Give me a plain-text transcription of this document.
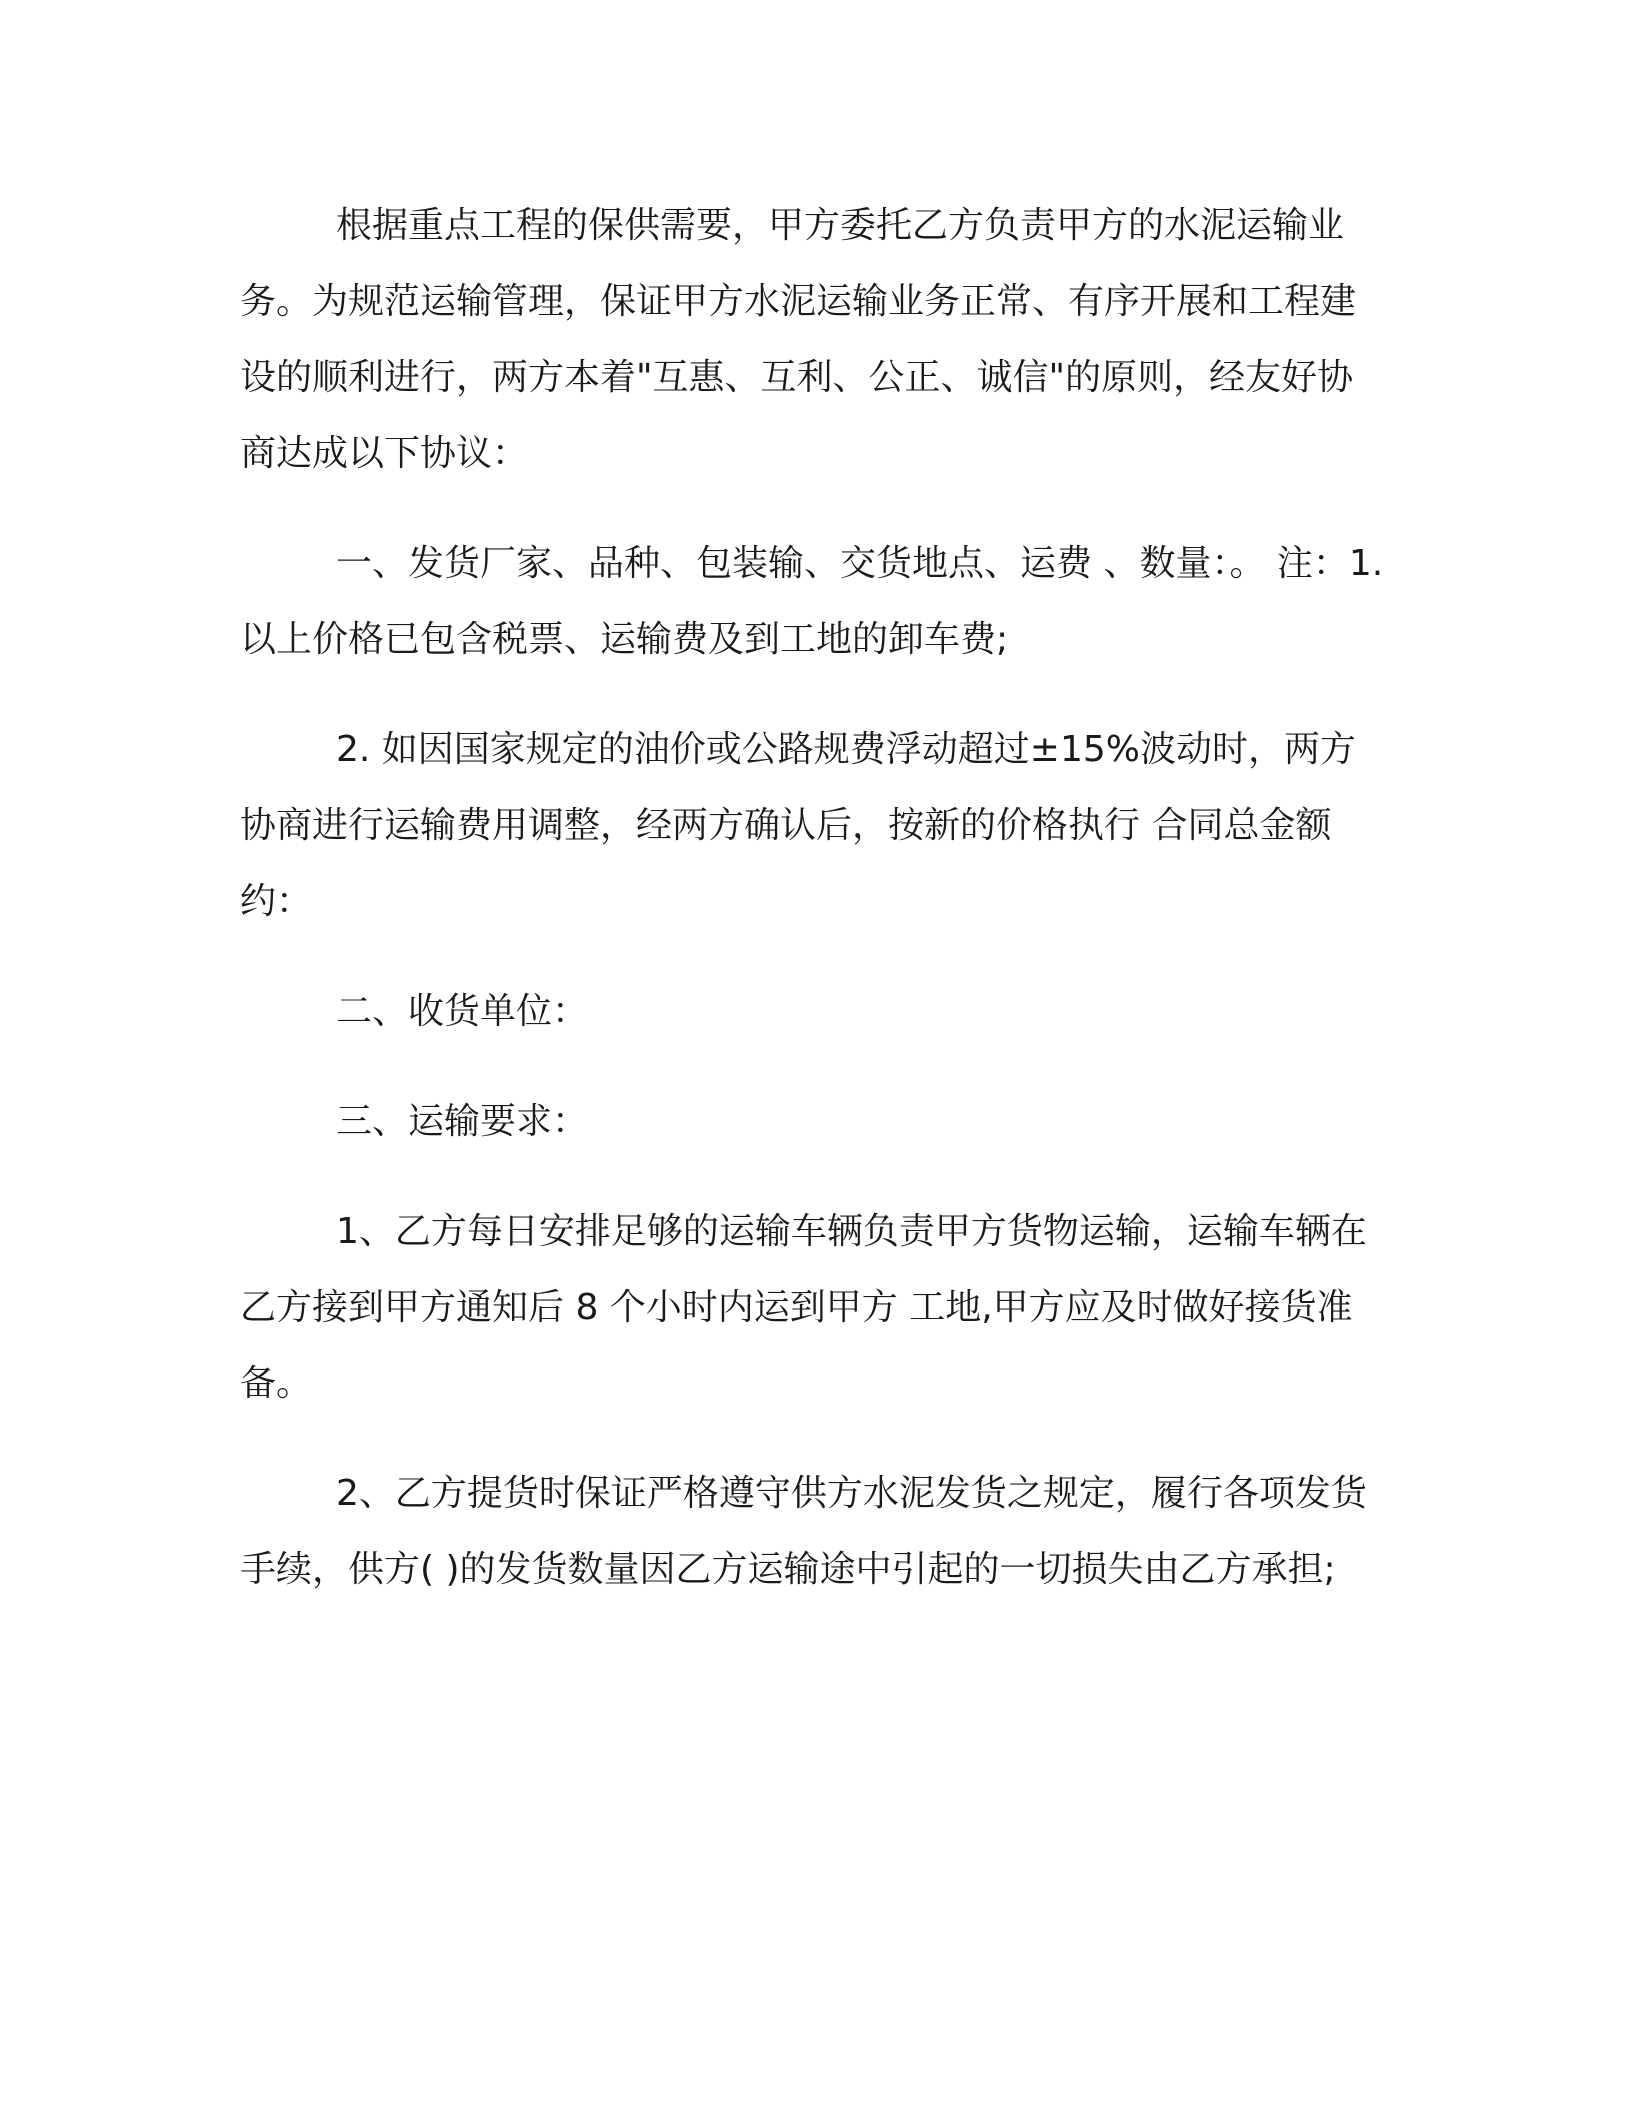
根据重点工程的保供需要，甲方委托乙方负责甲方的水泥运输业务。为规范运输管理，保证甲方水泥运输业务正常、有序开展和工程建设的顺利进行，两方本着"互惠、互利、公正、诚信"的原则，经友好协商达成以下协议：

一、发货厂家、品种、包装输、交货地点、运费 、数量：。 注：1.以上价格已包含税票、运输费及到工地的卸车费;

2. 如因国家规定的油价或公路规费浮动超过±15%波动时，两方协商进行运输费用调整，经两方确认后，按新的价格执行 合同总金额约：

二、收货单位：

三、运输要求：

1、乙方每日安排足够的运输车辆负责甲方货物运输，运输车辆在乙方接到甲方通知后 8 个小时内运到甲方 工地,甲方应及时做好接货准备。

2、乙方提货时保证严格遵守供方水泥发货之规定，履行各项发货手续，供方( )的发货数量因乙方运输途中引起的一切损失由乙方承担;
